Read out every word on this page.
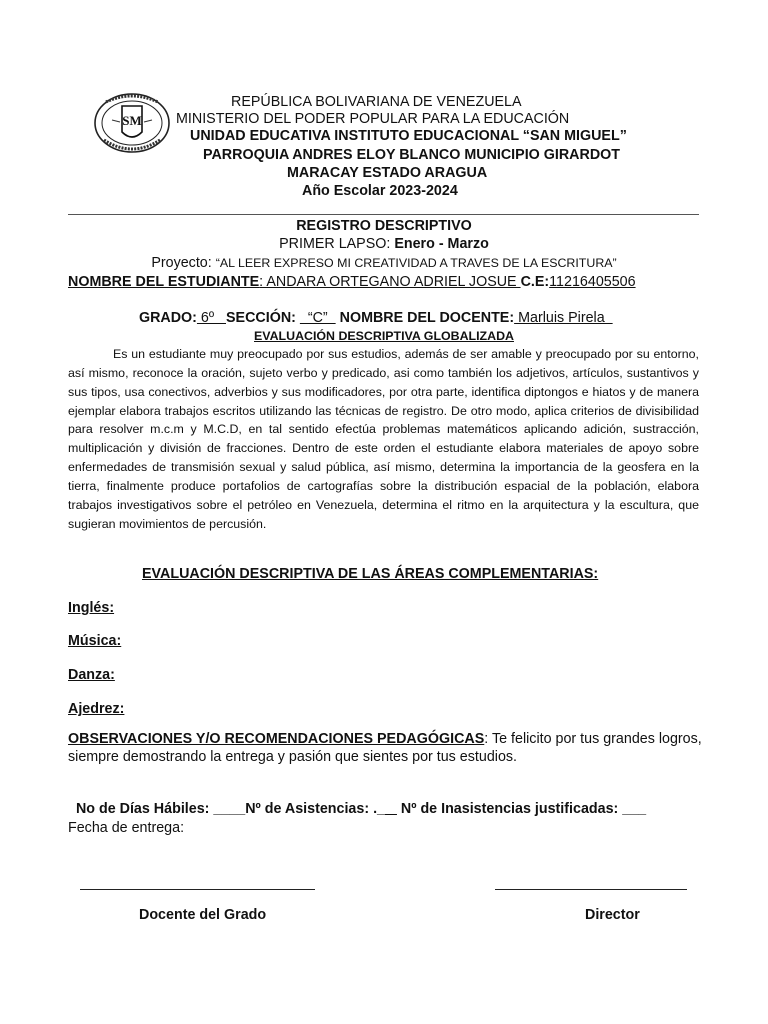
SM
REPÚBLICA BOLIVARIANA DE VENEZUELA
MINISTERIO DEL PODER POPULAR PARA LA EDUCACIÓN
UNIDAD EDUCATIVA INSTITUTO EDUCACIONAL “SAN MIGUEL”
PARROQUIA ANDRES ELOY BLANCO MUNICIPIO GIRARDOT
MARACAY ESTADO ARAGUA
Año Escolar 2023-2024
REGISTRO DESCRIPTIVO
PRIMER LAPSO: Enero - Marzo
Proyecto: “AL LEER EXPRESO MI CREATIVIDAD A TRAVES DE LA ESCRITURA”
NOMBRE DEL ESTUDIANTE: ANDARA ORTEGANO ADRIEL JOSUE C.E:11216405506

GRADO: 6º   SECCIÓN:   “C”   NOMBRE DEL DOCENTE: Marluis Pirela

EVALUACIÓN DESCRIPTIVA GLOBALIZADA
Es un estudiante muy preocupado por sus estudios, además de ser amable y preocupado por su entorno, así mismo, reconoce la oración, sujeto verbo y predicado, asi como también los adjetivos, artículos, sustantivos y sus tipos, usa conectivos, adverbios y sus modificadores, por otra parte, identifica diptongos e hiatos y de manera ejemplar elabora trabajos escritos utilizando las técnicas de registro. De otro modo, aplica criterios de divisibilidad para resolver m.c.m y M.C.D, en tal sentido efectúa problemas matemáticos aplicando adición, sustracción, multiplicación y división de fracciones. Dentro de este orden el estudiante elabora materiales de apoyo sobre enfermedades de transmisión sexual y salud pública, así mismo, determina la importancia de la geosfera en la tierra, finalmente produce portafolios de cartografías sobre la distribución espacial de la población, elabora trabajos investigativos sobre el petróleo en Venezuela, determina el ritmo en la arquitectura y la escultura, que sugieran movimientos de percusión.
EVALUACIÓN DESCRIPTIVA DE LAS ÁREAS COMPLEMENTARIAS:
Inglés:
Música:
Danza:
Ajedrez:
OBSERVACIONES Y/O RECOMENDACIONES PEDAGÓGICAS: Te felicito por tus grandes logros, siempre demostrando la entrega y pasión que sientes por tus estudios.

No de Días Hábiles: ____Nº de Asistencias: .__  Nº de Inasistencias justificadas: ___

Fecha de entrega:
Docente del Grado	Director
